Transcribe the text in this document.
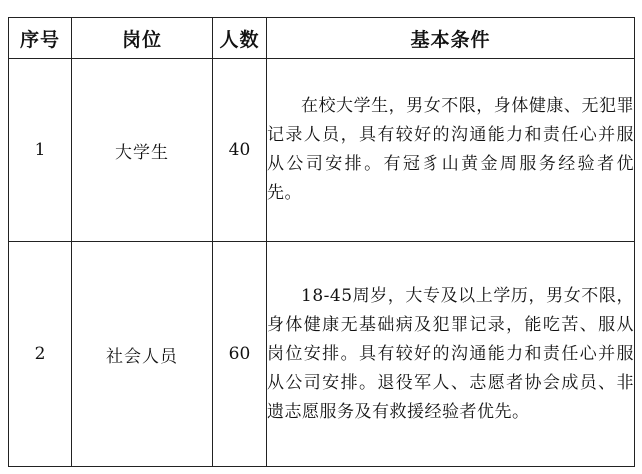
序号	岗位	人数	基本条件
1	大学生	40	在校大学生，男女不限，身体健康、无犯罪记录人员，具有较好的沟通能力和责任心并服从公司安排。有冠豸山黄金周服务经验者优先。

2	社会人员	60	18-45周岁，大专及以上学历，男女不限，身体健康无基础病及犯罪记录，能吃苦、服从岗位安排。具有较好的沟通能力和责任心并服从公司安排。退役军人、志愿者协会成员、非遗志愿服务及有救援经验者优先。
